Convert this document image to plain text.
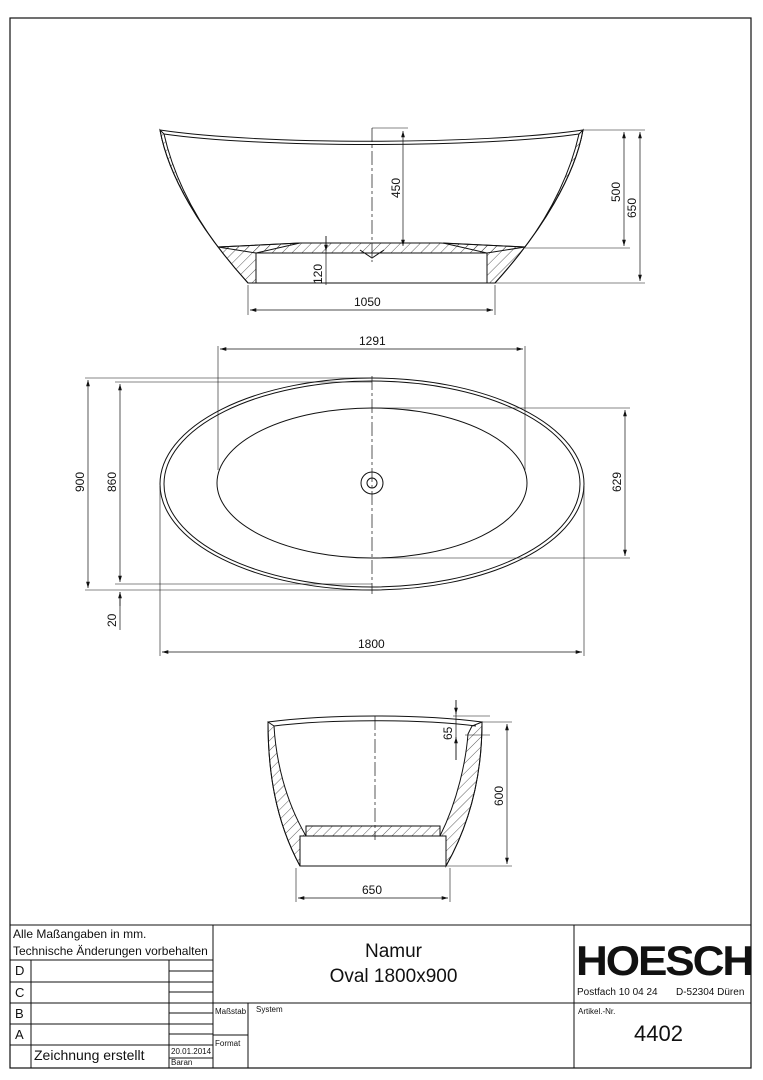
450	500
650
120
1050
1291
900 860	629
20
1800
65
600
650
Alle Maßangaben in mm.
Technische Änderungen vorbehalten
D
C
B
A
Zeichnung erstellt	20.01.2014
Baran
Maßstab
Format
System
Namur
Oval 1800x900	HOESCH
Postfach 10 04 24 D-52304 Düren
Artikel.-Nr.
4402
